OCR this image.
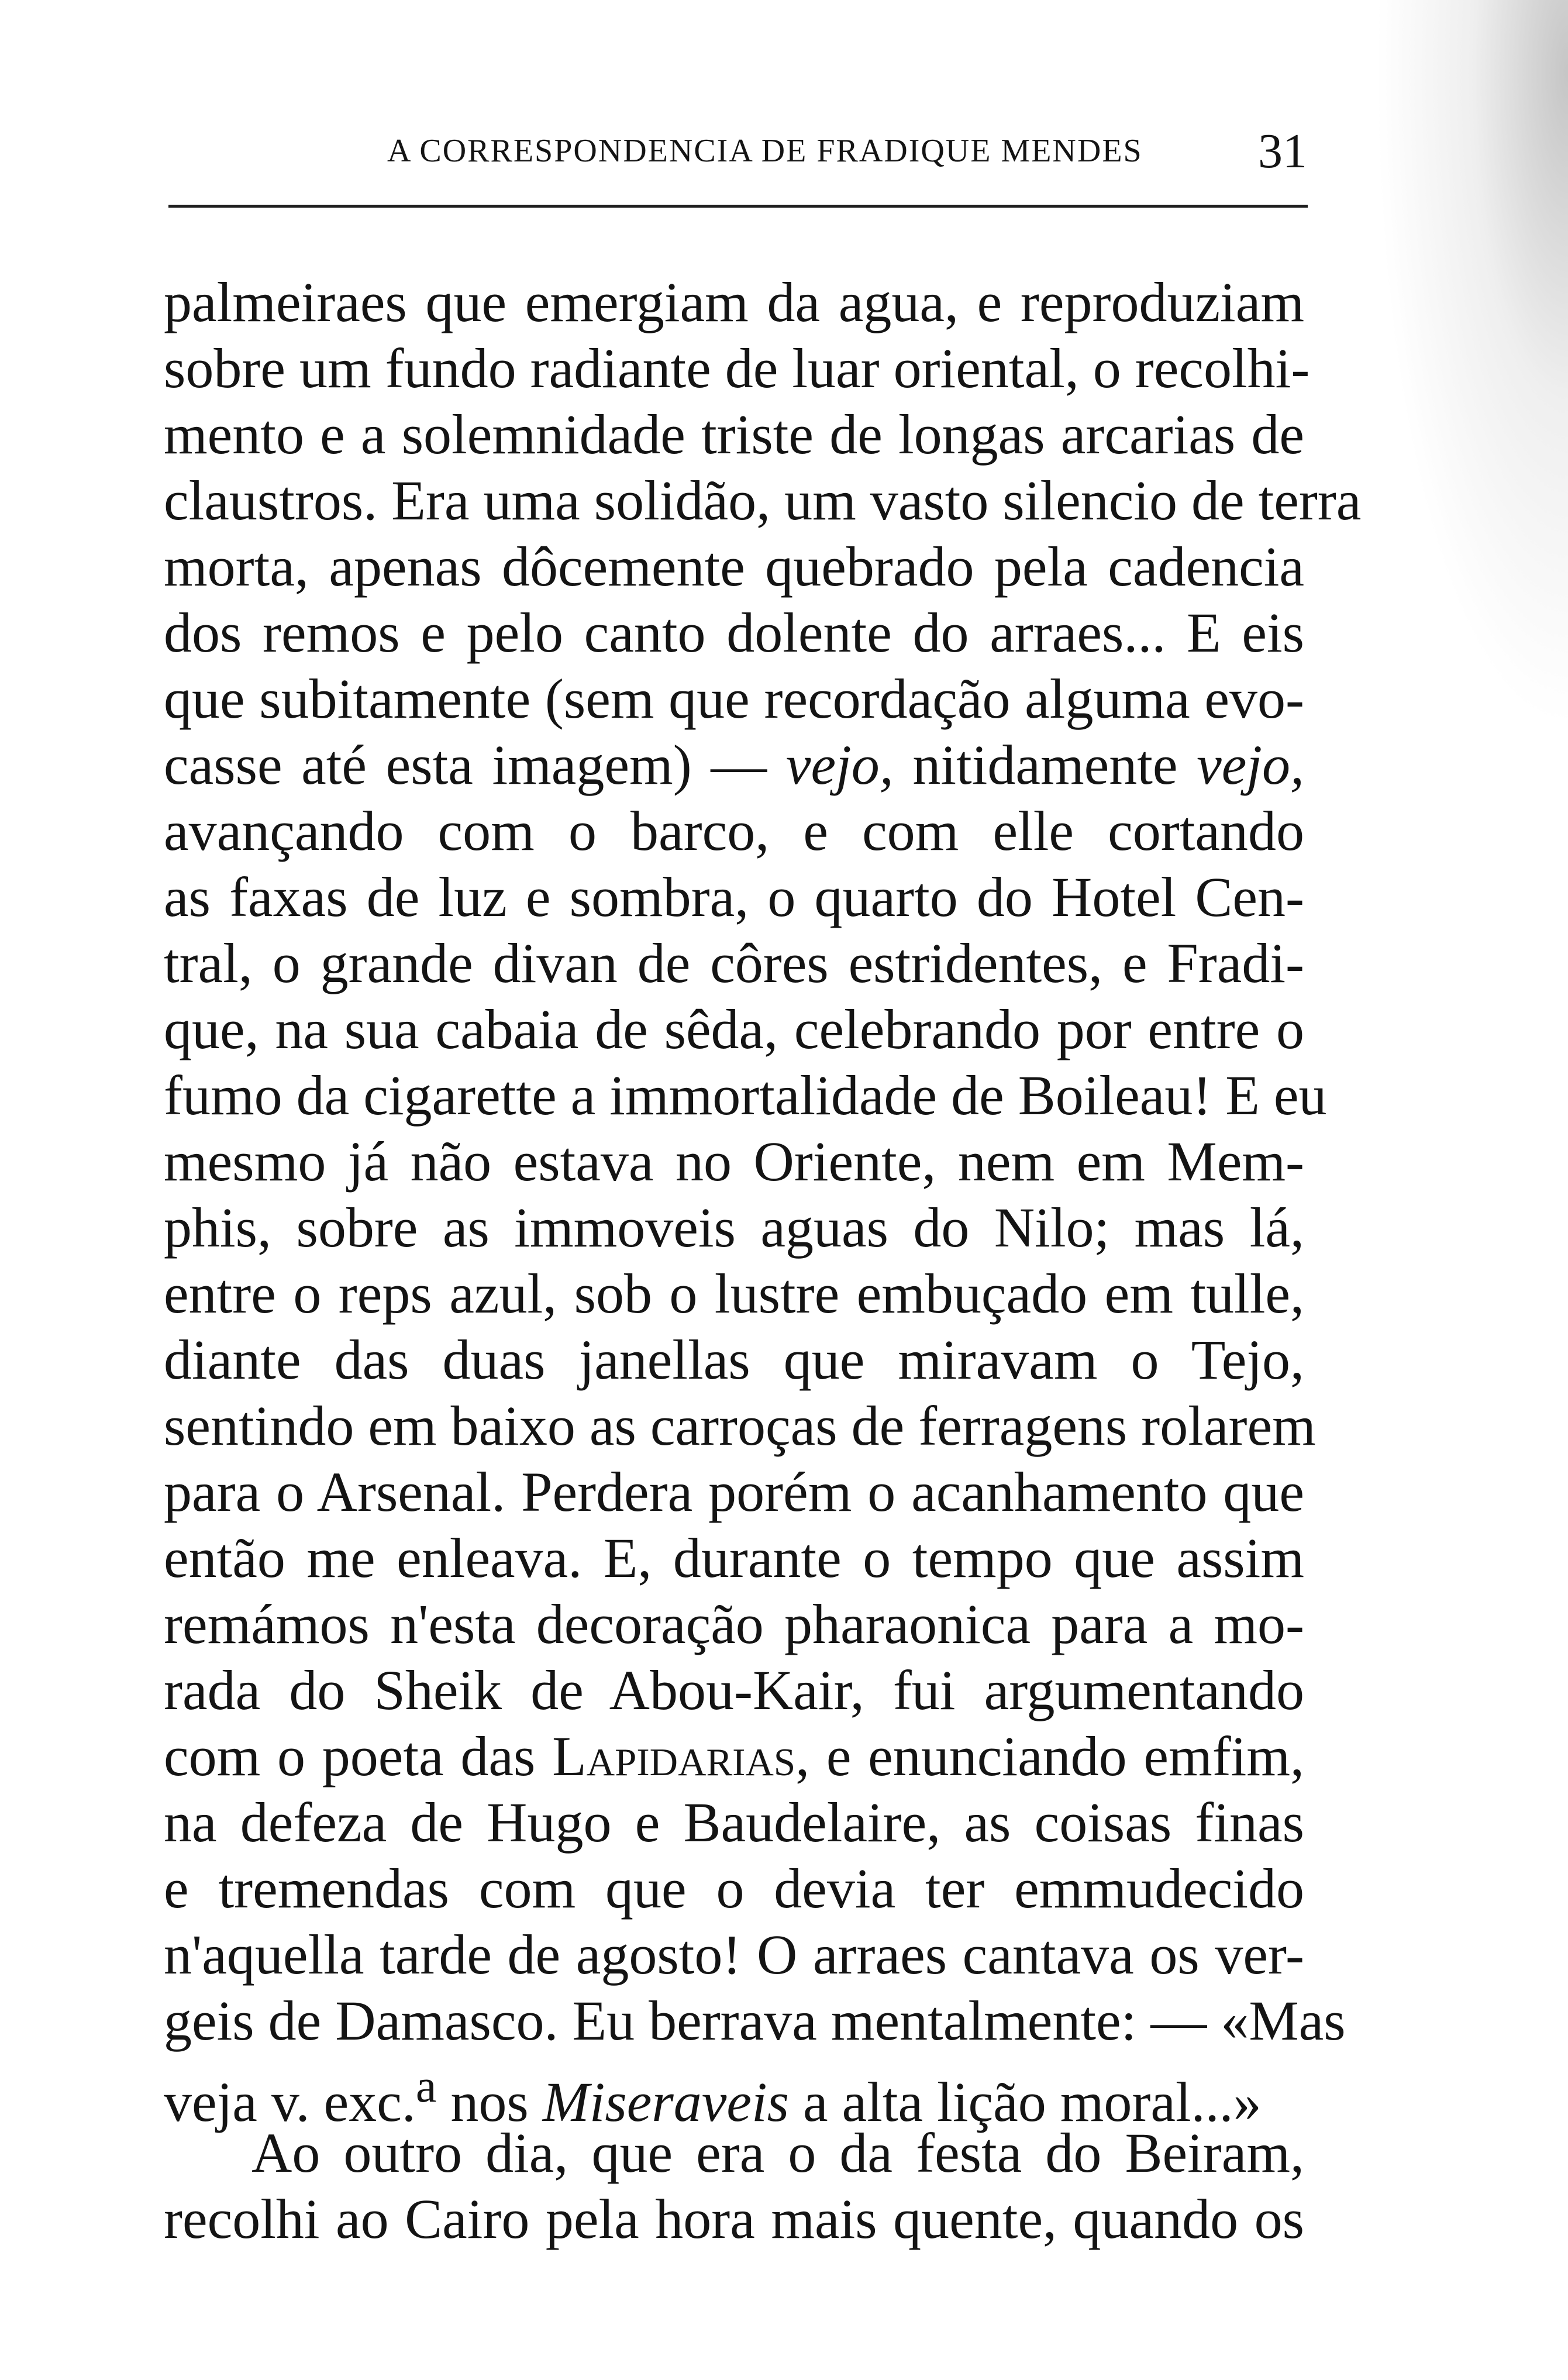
A CORRESPONDENCIA DE FRADIQUE MENDES 31
palmeiraes que emergiam da agua, e reproduziam
sobre um fundo radiante de luar oriental, o recolhi-
mento e a solemnidade triste de longas arcarias de
claustros. Era uma solidão, um vasto silencio de terra
morta, apenas dôcemente quebrado pela cadencia
dos remos e pelo canto dolente do arraes... E eis
que subitamente (sem que recordação alguma evo-
casse até esta imagem) — vejo, nitidamente vejo,
avançando com o barco, e com elle cortando
as faxas de luz e sombra, o quarto do Hotel Cen-
tral, o grande divan de côres estridentes, e Fradi-
que, na sua cabaia de sêda, celebrando por entre o
fumo da cigarette a immortalidade de Boileau! E eu
mesmo já não estava no Oriente, nem em Mem-
phis, sobre as immoveis aguas do Nilo; mas lá,
entre o reps azul, sob o lustre embuçado em tulle,
diante das duas janellas que miravam o Tejo,
sentindo em baixo as carroças de ferragens rolarem
para o Arsenal. Perdera porém o acanhamento que
então me enleava. E, durante o tempo que assim
remámos n'esta decoração pharaonica para a mo-
rada do Sheik de Abou-Kair, fui argumentando
com o poeta das Lapidarias, e enunciando emfim,
na defeza de Hugo e Baudelaire, as coisas finas
e tremendas com que o devia ter emmudecido
n'aquella tarde de agosto! O arraes cantava os ver-
geis de Damasco. Eu berrava mentalmente: — «Mas
veja v. exc.$^a$ nos Miseraveis a alta lição moral...»
Ao outro dia, que era o da festa do Beiram,
recolhi ao Cairo pela hora mais quente, quando os
